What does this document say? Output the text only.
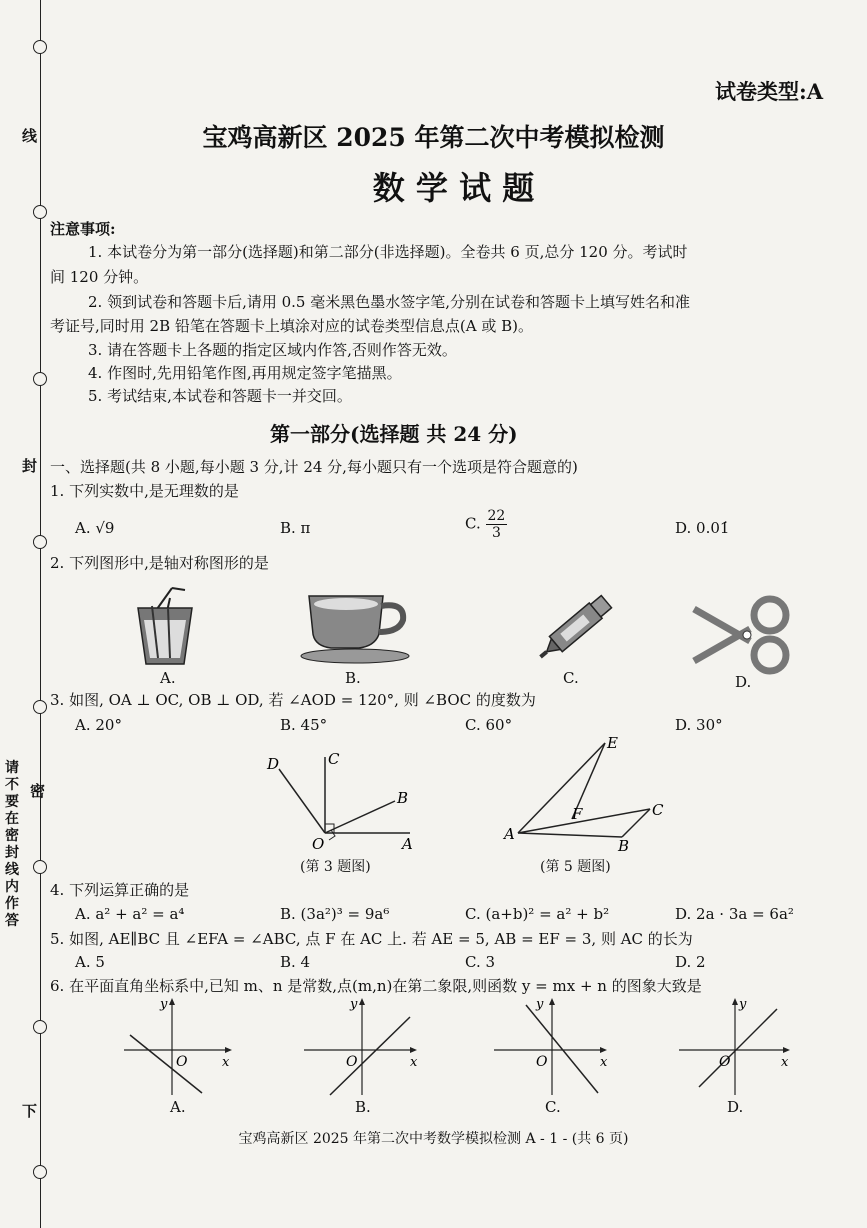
线
封
密
下
请不要在密封线内作答
试卷类型:A
宝鸡高新区 2025 年第二次中考模拟检测
数 学 试 题
注意事项:
1. 本试卷分为第一部分(选择题)和第二部分(非选择题)。全卷共 6 页,总分 120 分。考试时
间 120 分钟。
2. 领到试卷和答题卡后,请用 0.5 毫米黑色墨水签字笔,分别在试卷和答题卡上填写姓名和准
考证号,同时用 2B 铅笔在答题卡上填涂对应的试卷类型信息点(A 或 B)。
3. 请在答题卡上各题的指定区域内作答,否则作答无效。
4. 作图时,先用铅笔作图,再用规定签字笔描黑。
5. 考试结束,本试卷和答题卡一并交回。
第一部分(选择题 共 24 分)
一、选择题(共 8 小题,每小题 3 分,计 24 分,每小题只有一个选项是符合题意的)
1. 下列实数中,是无理数的是
A. √9	B. π	C. $\frac{22}{3}$	D. 0.01̇
2. 下列图形中,是轴对称图形的是
A.	B.	C.	D.
3. 如图, OA ⊥ OC, OB ⊥ OD, 若 ∠AOD = 120°, 则 ∠BOC 的度数为
A. 20°	B. 45°	C. 60°	D. 30°
D	C
B
O	A
(第 3 题图)
E
F	C
A
B
(第 5 题图)
4. 下列运算正确的是
A. a² + a² = a⁴	B. (3a²)³ = 9a⁶	C. (a+b)² = a² + b²	D. 2a · 3a = 6a²
5. 如图, AE∥BC 且 ∠EFA = ∠ABC, 点 F 在 AC 上. 若 AE = 5, AB = EF = 3, 则 AC 的长为
A. 5	B. 4	C. 3	D. 2
6. 在平面直角坐标系中,已知 m、n 是常数,点(m,n)在第二象限,则函数 y = mx + n 的图象大致是
x
y
O
A.
x
y
O
B.
x
y
O
C.
x
y
O
D.
宝鸡高新区 2025 年第二次中考数学模拟检测 A - 1 - (共 6 页)
